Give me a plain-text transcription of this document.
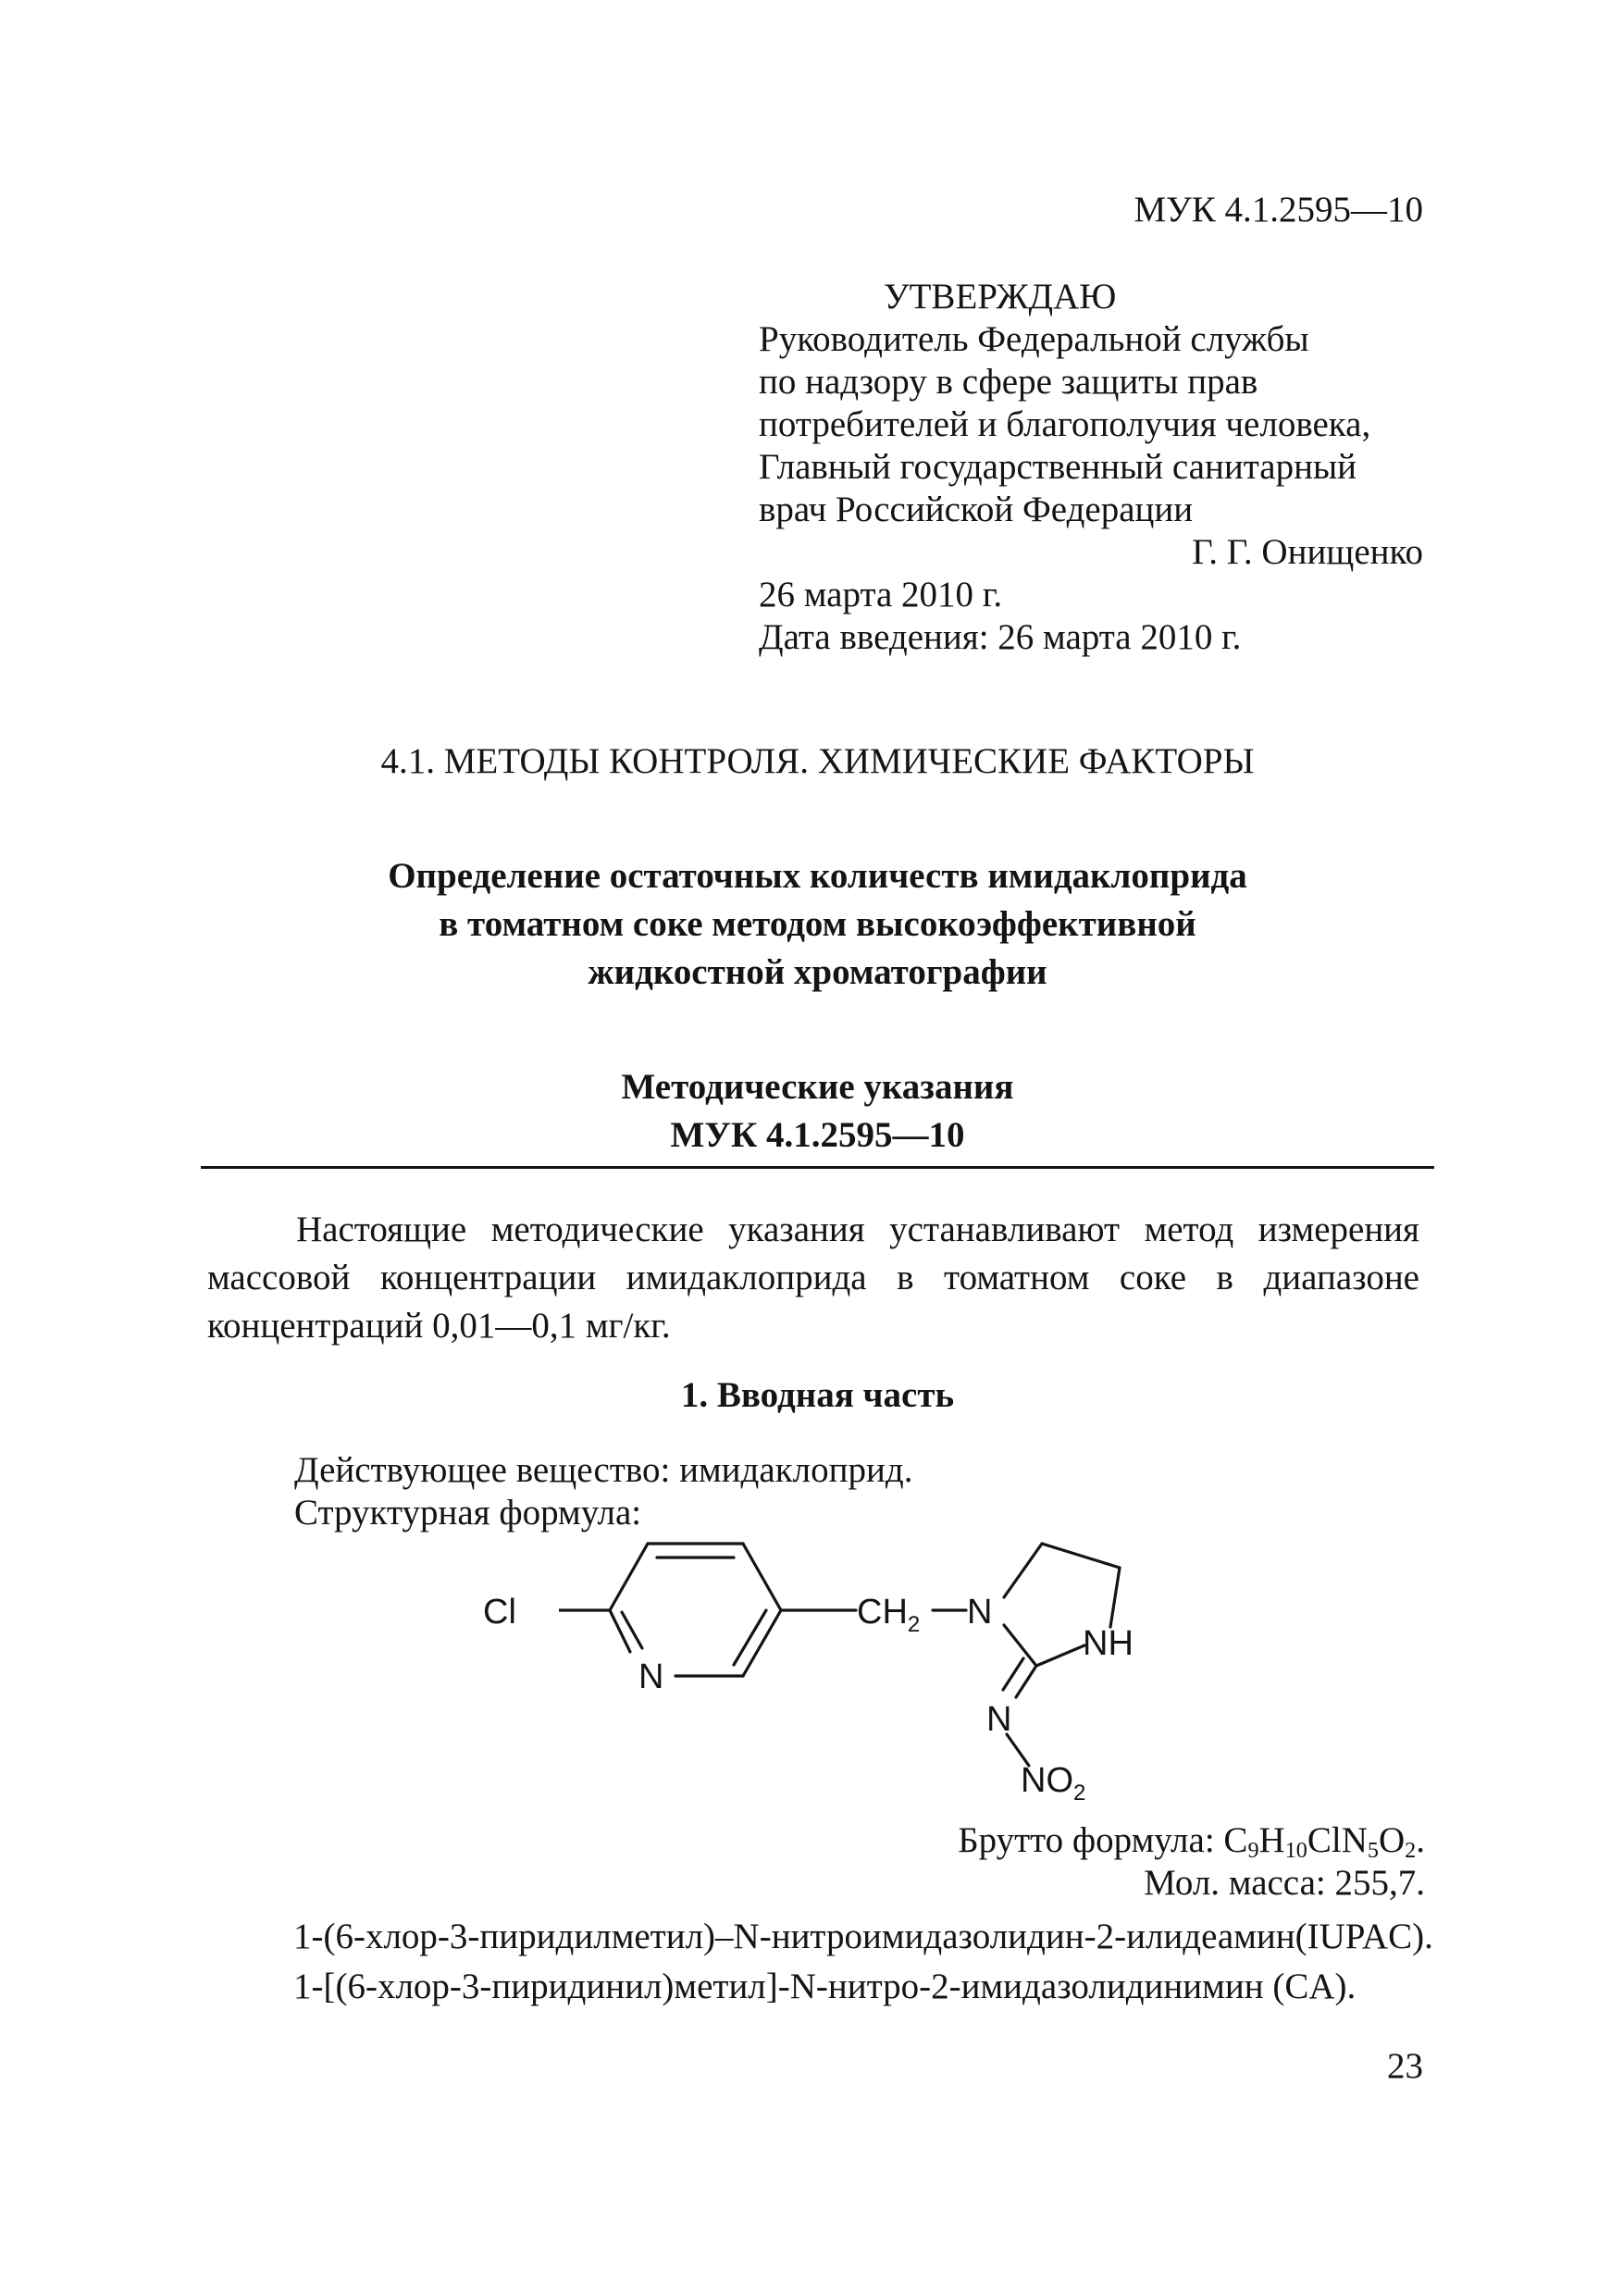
МУК 4.1.2595—10
УТВЕРЖДАЮ
Руководитель Федеральной службы
по надзору в сфере защиты прав
потребителей и благополучия человека,
Главный государственный санитарный
врач Российской Федерации
Г. Г. Онищенко
26 марта 2010 г.
Дата введения: 26 марта 2010 г.
4.1. МЕТОДЫ КОНТРОЛЯ. ХИМИЧЕСКИЕ ФАКТОРЫ
Определение остаточных количеств имидаклоприда
в томатном соке методом высокоэффективной
жидкостной хроматографии
Методические указания
МУК 4.1.2595—10
Настоящие методические указания устанавливают метод измерения массовой концентрации имидаклоприда в томатном соке в диапазоне концентраций 0,01—0,1 мг/кг.
1. Вводная часть
Действующее вещество: имидаклоприд.
Структурная формула:
Cl
N
$CH_2$ N
NH
N
$NO_2$
Брутто формула: $C_9H_{10}ClN_5O_2$.
Мол. масса: 255,7.
1-(6-хлор-3-пиридилметил)–N-нитроимидазолидин-2-илидеамин(IUPAC).
1-[(6-хлор-3-пиридинил)метил]-N-нитро-2-имидазолидинимин (CA).
23
